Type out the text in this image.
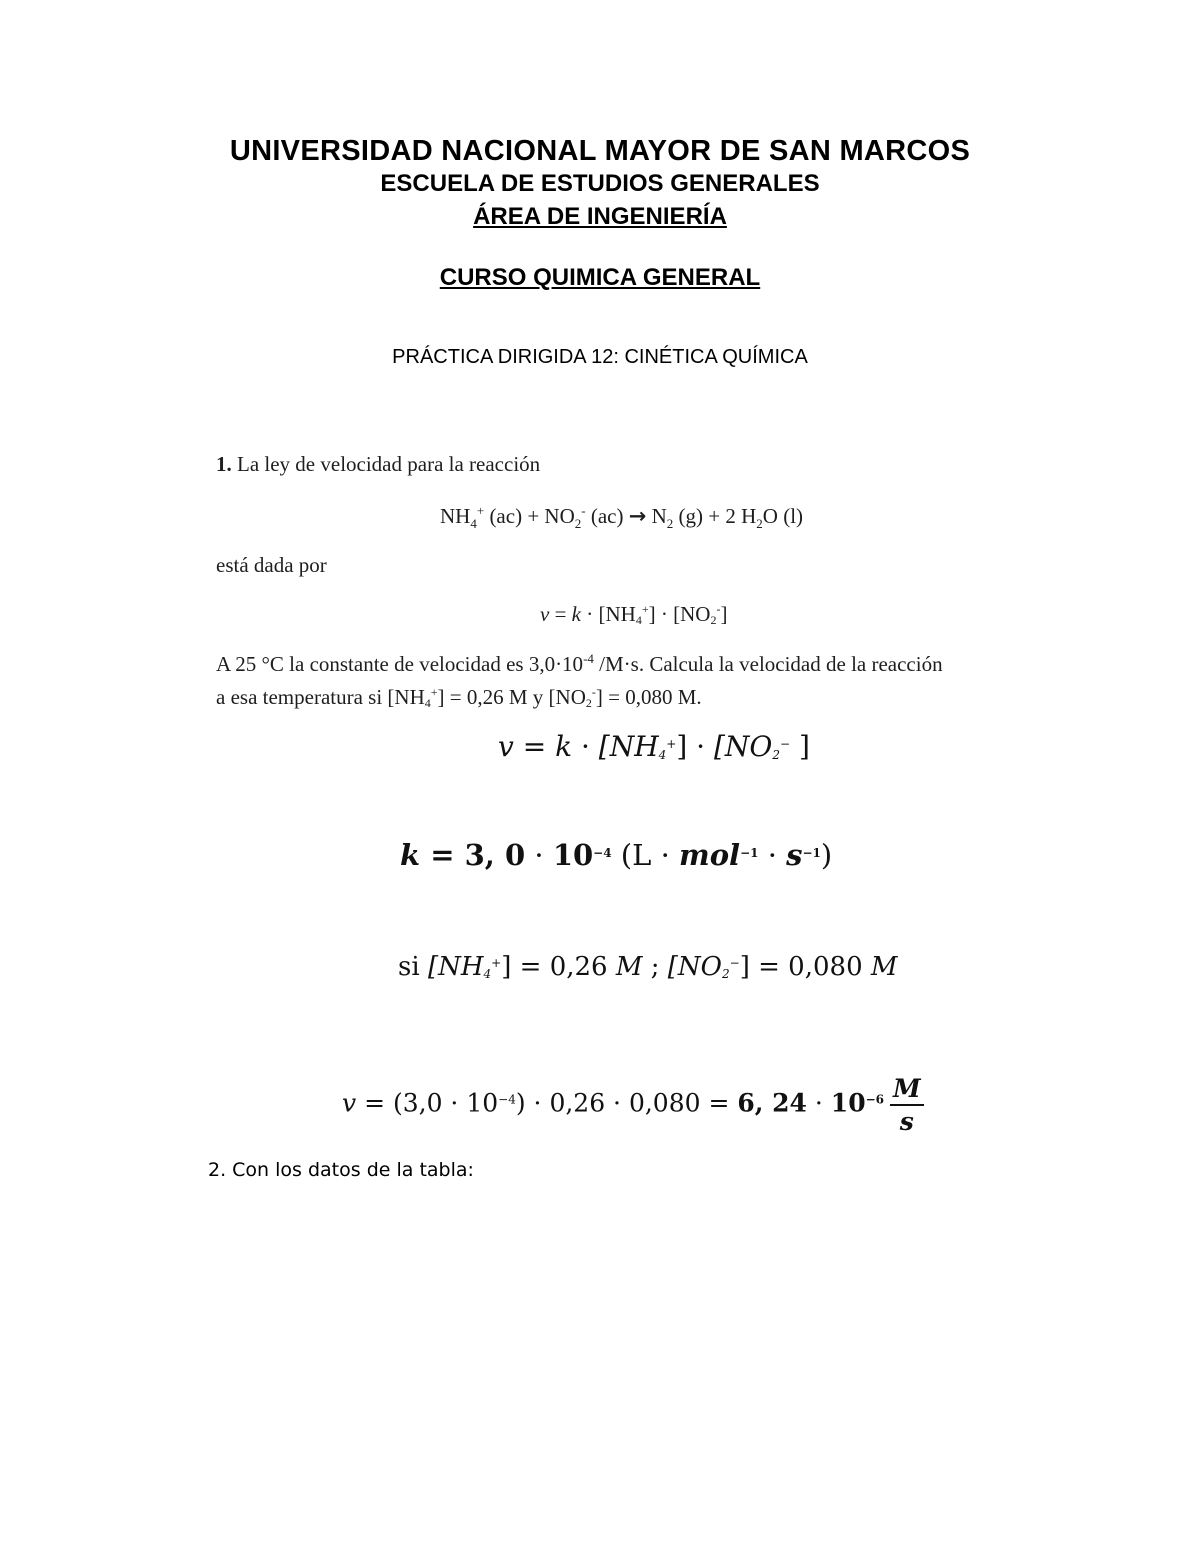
UNIVERSIDAD NACIONAL MAYOR DE SAN MARCOS
ESCUELA DE ESTUDIOS GENERALES
ÁREA DE INGENIERÍA
CURSO QUIMICA GENERAL
PRÁCTICA DIRIGIDA 12: CINÉTICA QUÍMICA
1. La ley de velocidad para la reacción
$NH_4^+$ $(ac) + NO_2^-$ $(ac) \to N_2$ (g) + 2 $H_2O$ (l)
está dada por
v = k · [NH4+] · [NO2-]
A 25 °C la constante de velocidad es $3,0\cdot 10^{-4}$ /M·s. Calcula la velocidad de la reacción
a esa temperatura si [NH4+] = 0,26 M y [NO2-] = 0,080 M.
v = k · [NH4+] · [NO2− ]
k = 3, $0 \cdot 10^{-4}$ $(L \cdot mol^{-1} \cdot s^{-1})$
si [NH4+] = 0,26 M ; [NO2−] = 0,080 M
$v = (3,0 \cdot 10^{-4}) \cdot 0,26 \cdot 0,080 = 6$, $24 \cdot 10^{-6} \frac{M}{s}$
2. Con los datos de la tabla:
